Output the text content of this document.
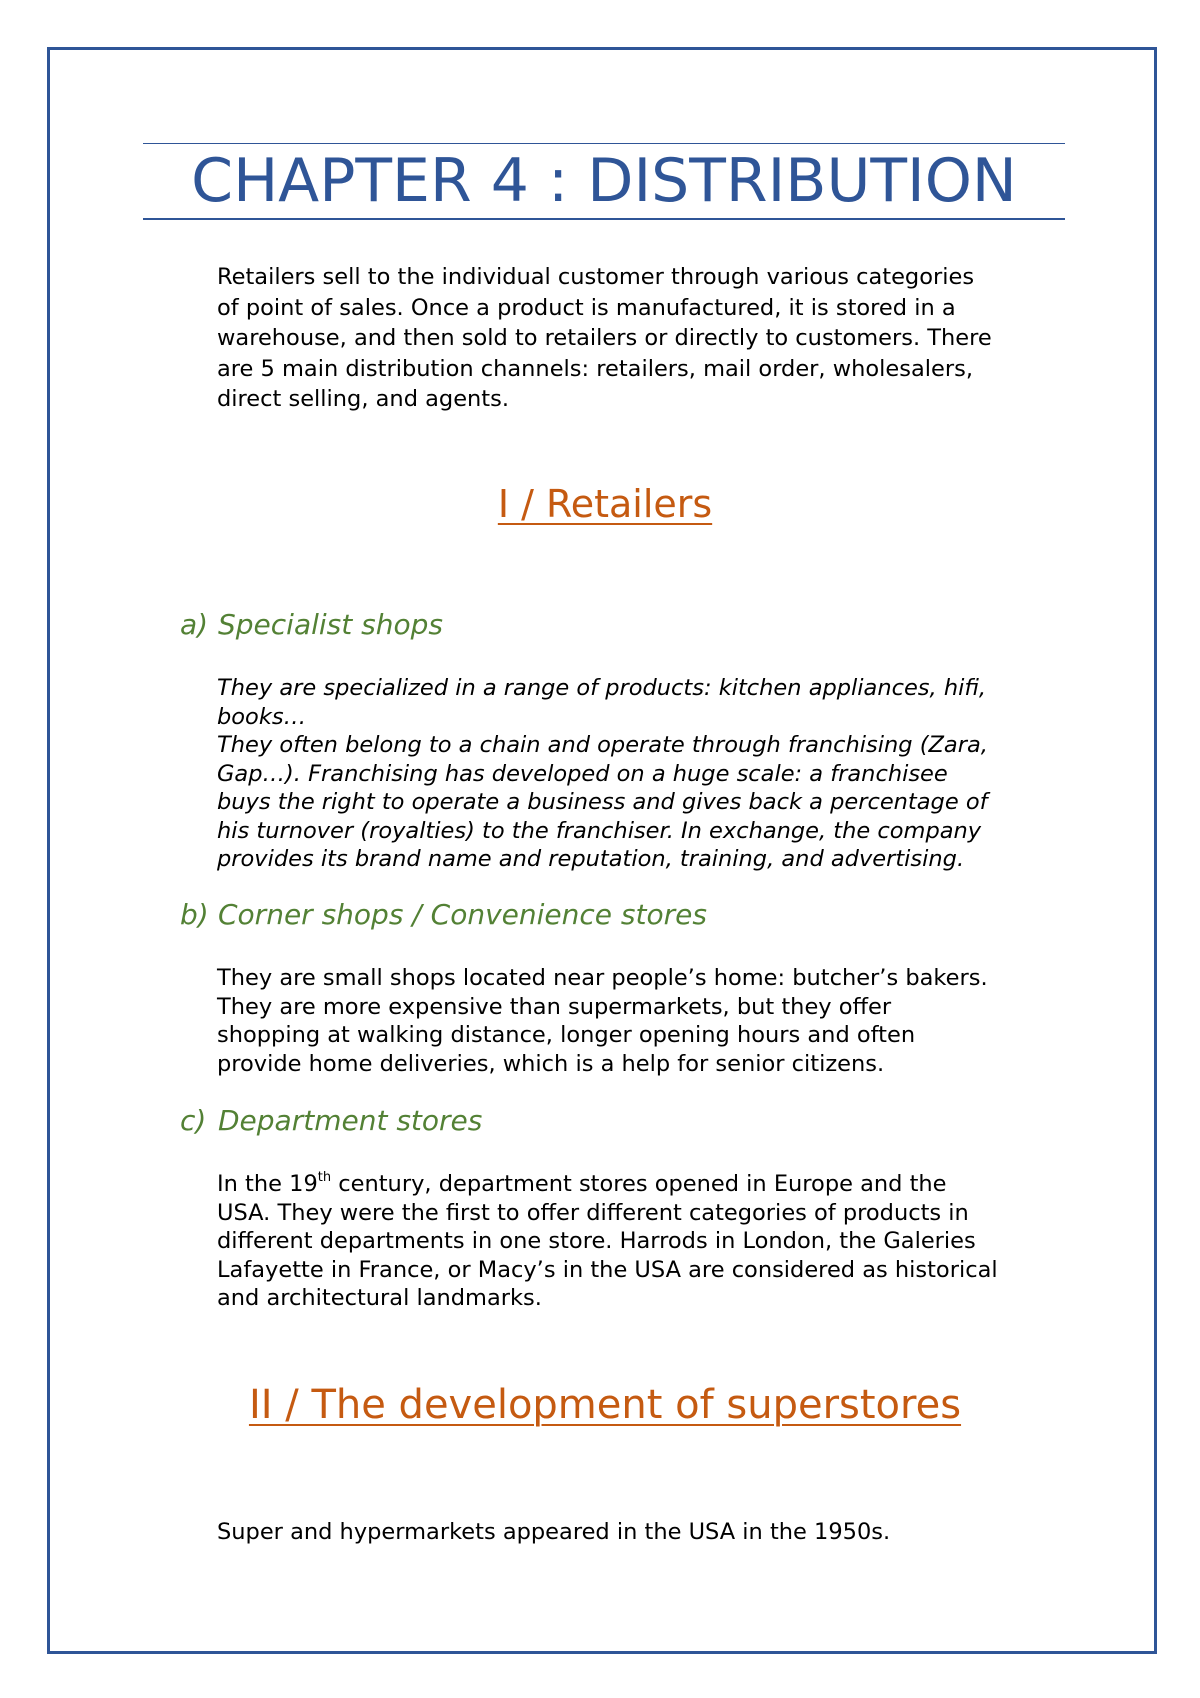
CHAPTER 4 : DISTRIBUTION
Retailers sell to the individual customer through various categories
of point of sales. Once a product is manufactured, it is stored in a
warehouse, and then sold to retailers or directly to customers. There
are 5 main distribution channels: retailers, mail order, wholesalers,
direct selling, and agents.
I / Retailers
a) Specialist shops
They are specialized in a range of products: kitchen appliances, hifi,
books…
They often belong to a chain and operate through franchising (Zara,
Gap…). Franchising has developed on a huge scale: a franchisee
buys the right to operate a business and gives back a percentage of
his turnover (royalties) to the franchiser. In exchange, the company
provides its brand name and reputation, training, and advertising.
b) Corner shops / Convenience stores
They are small shops located near people’s home: butcher’s bakers.
They are more expensive than supermarkets, but they offer
shopping at walking distance, longer opening hours and often
provide home deliveries, which is a help for senior citizens.
c) Department stores
In the 19th century, department stores opened in Europe and the
USA. They were the first to offer different categories of products in
different departments in one store. Harrods in London, the Galeries
Lafayette in France, or Macy’s in the USA are considered as historical
and architectural landmarks.
II / The development of superstores
Super and hypermarkets appeared in the USA in the 1950s.
